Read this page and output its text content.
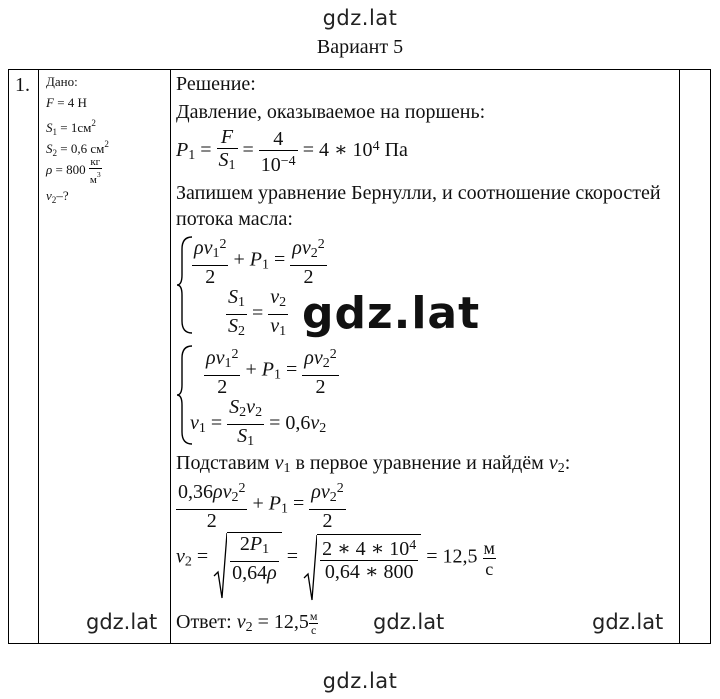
gdz.lat
Вариант 5
1. Дано:
F = 4 Н
$S_1 = 1см^2$
$S_2 = 0,6$ $см^2$
ρ = 800 кг
$м^3$
$v_2-$?
Решение:
Давление, оказываемое на поршень:
$P_1 = \frac{F}{S_1} = \frac{4}{10^{-4}} = 4$ ∗ $10^4$ Па
Запишем уравнение Бернулли, и соотношение скоростей
потока масла:
$\frac{\rho v_1^2}{2} + P_1 = \frac{\rho v_2^2}{2}$
$\frac{S_1}{S_2} = \frac{v_2}{v_1}$
$\frac{\rho v_1^2}{2} + P_1 = \frac{\rho v_2^2}{2}$
$v_1 = \frac{S_2v_2}{S_1} = 0,6v_2$
Подставим $v_1$ в первое уравнение и найдём $v_2$:
$\frac{0,36\rho v_2^2}{2} + P_1 = \frac{\rho v_2^2}{2}$
$v_2 = \frac{2P_1}{0,64\rho} = \frac{2 ∗ 4 ∗ 10^4}{0,64 ∗ 800} = 12,5$ м
с
Ответ: $v_2 = 12,5$ м
с
gdz.lat
gdz.lat	gdz.lat	gdz.lat
gdz.lat
